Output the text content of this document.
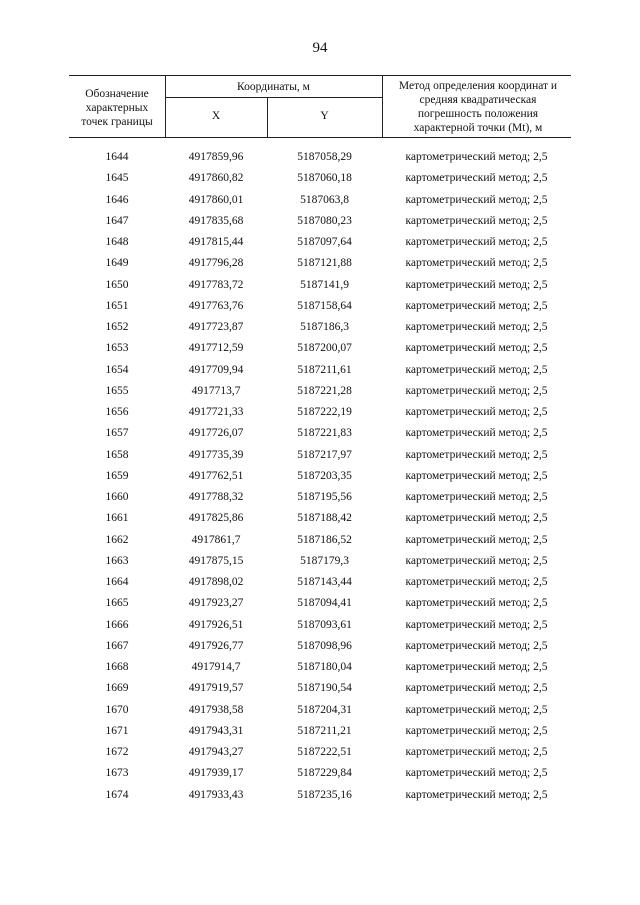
94
Обозначение характерных точек границы
Координаты, м
X	Y
Метод определения координат и средняя квадратическая погрешность положения характерной точки (Mt), м
1644	4917859,96	5187058,29	картометрический метод; 2,5
1645	4917860,82	5187060,18	картометрический метод; 2,5
1646	4917860,01	5187063,8	картометрический метод; 2,5
1647	4917835,68	5187080,23	картометрический метод; 2,5
1648	4917815,44	5187097,64	картометрический метод; 2,5
1649	4917796,28	5187121,88	картометрический метод; 2,5
1650	4917783,72	5187141,9	картометрический метод; 2,5
1651	4917763,76	5187158,64	картометрический метод; 2,5
1652	4917723,87	5187186,3	картометрический метод; 2,5
1653	4917712,59	5187200,07	картометрический метод; 2,5
1654	4917709,94	5187211,61	картометрический метод; 2,5
1655	4917713,7	5187221,28	картометрический метод; 2,5
1656	4917721,33	5187222,19	картометрический метод; 2,5
1657	4917726,07	5187221,83	картометрический метод; 2,5
1658	4917735,39	5187217,97	картометрический метод; 2,5
1659	4917762,51	5187203,35	картометрический метод; 2,5
1660	4917788,32	5187195,56	картометрический метод; 2,5
1661	4917825,86	5187188,42	картометрический метод; 2,5
1662	4917861,7	5187186,52	картометрический метод; 2,5
1663	4917875,15	5187179,3	картометрический метод; 2,5
1664	4917898,02	5187143,44	картометрический метод; 2,5
1665	4917923,27	5187094,41	картометрический метод; 2,5
1666	4917926,51	5187093,61	картометрический метод; 2,5
1667	4917926,77	5187098,96	картометрический метод; 2,5
1668	4917914,7	5187180,04	картометрический метод; 2,5
1669	4917919,57	5187190,54	картометрический метод; 2,5
1670	4917938,58	5187204,31	картометрический метод; 2,5
1671	4917943,31	5187211,21	картометрический метод; 2,5
1672	4917943,27	5187222,51	картометрический метод; 2,5
1673	4917939,17	5187229,84	картометрический метод; 2,5
1674	4917933,43	5187235,16	картометрический метод; 2,5
